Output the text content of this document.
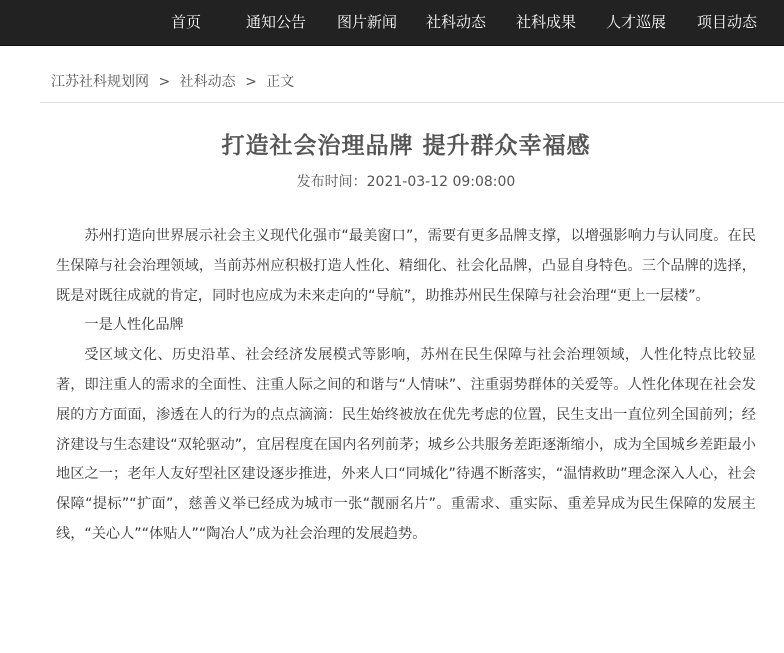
首页	通知公告 图片新闻 社科动态 社科成果 人才巡展 项目动态
江苏社科规划网 > 社科动态 > 正文
打造社会治理品牌 提升群众幸福感
发布时间：2021-03-12 09:08:00

苏州打造向世界展示社会主义现代化强市“最美窗口”，需要有更多品牌支撑，以增强影响力与认同度。在民生保障与社会治理领域，当前苏州应积极打造人性化、精细化、社会化品牌，凸显自身特色。三个品牌的选择，既是对既往成就的肯定，同时也应成为未来走向的“导航”，助推苏州民生保障与社会治理“更上一层楼”。

一是人性化品牌

受区域文化、历史沿革、社会经济发展模式等影响，苏州在民生保障与社会治理领域，人性化特点比较显著，即注重人的需求的全面性、注重人际之间的和谐与“人情味”、注重弱势群体的关爱等。人性化体现在社会发展的方方面面，渗透在人的行为的点点滴滴：民生始终被放在优先考虑的位置，民生支出一直位列全国前列；经济建设与生态建设“双轮驱动”，宜居程度在国内名列前茅；城乡公共服务差距逐渐缩小，成为全国城乡差距最小地区之一；老年人友好型社区建设逐步推进，外来人口“同城化”待遇不断落实，“温情救助”理念深入人心，社会保障“提标”“扩面”，慈善义举已经成为城市一张“靓丽名片”。重需求、重实际、重差异成为民生保障的发展主线，“关心人”“体贴人”“陶冶人”成为社会治理的发展趋势。
